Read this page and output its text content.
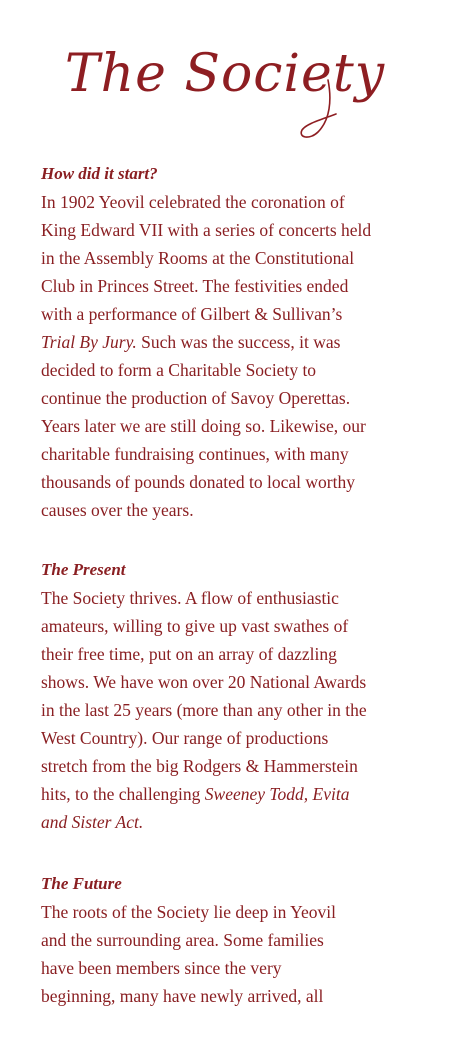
The Society
How did it start?
In 1902 Yeovil celebrated the coronation of
King Edward VII with a series of concerts held
in the Assembly Rooms at the Constitutional
Club in Princes Street. The festivities ended
with a performance of Gilbert & Sullivan’s
Trial By Jury. Such was the success, it was
decided to form a Charitable Society to
continue the production of Savoy Operettas.
Years later we are still doing so. Likewise, our
charitable fundraising continues, with many
thousands of pounds donated to local worthy
causes over the years.
The Present
The Society thrives. A flow of enthusiastic
amateurs, willing to give up vast swathes of
their free time, put on an array of dazzling
shows. We have won over 20 National Awards
in the last 25 years (more than any other in the
West Country). Our range of productions
stretch from the big Rodgers & Hammerstein
hits, to the challenging Sweeney Todd, Evita
and Sister Act.
The Future
The roots of the Society lie deep in Yeovil
and the surrounding area. Some families
have been members since the very
beginning, many have newly arrived, all
